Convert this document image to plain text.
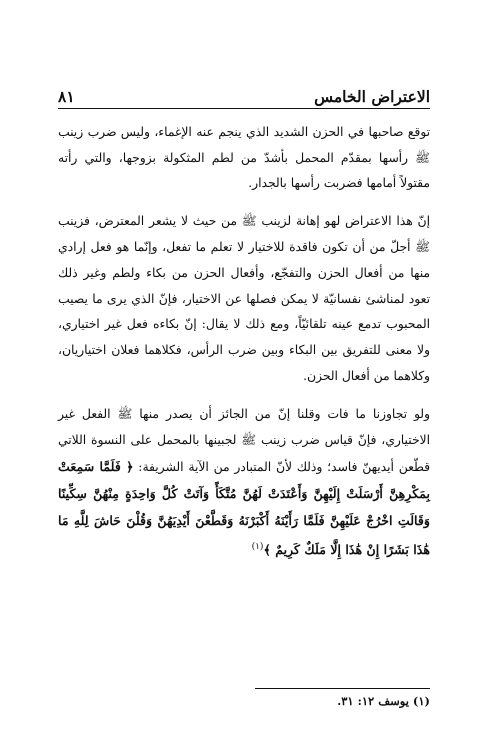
الاعتراض الخامس
٨١

توقع صاحبها في الحزن الشديد الذي ينجم عنه الإغماء، وليس ضرب زينب ﷺ رأسها بمقدّم المحمل بأشدّ من لطم المثكولة بزوجها، والتي رأته مقتولاً أمامها فضربت رأسها بالجدار.

إنّ هذا الاعتراض لهو إهانة لزينب ﷺ من حيث لا يشعر المعترض، فزينب ﷺ أجلّ من أن تكون فاقدة للاختيار لا تعلم ما تفعل، وإنّما هو فعل إرادي منها من أفعال الحزن والتفجّع، وأفعال الحزن من بكاء ولطم وغير ذلك تعود لمناشئ نفسانيّة لا يمكن فصلها عن الاختيار، فإنّ الذي يرى ما يصيب المحبوب تدمع عينه تلقائيّاً، ومع ذلك لا يقال: إنّ بكاءه فعل غير اختياري، ولا معنى للتفريق بين البكاء وبين ضرب الرأس، فكلاهما فعلان اختياريان، وكلاهما من أفعال الحزن.

ولو تجاوزنا ما فات وقلنا إنّ من الجائز أن يصدر منها ﷺ الفعل غير الاختياري، فإنّ قياس ضرب زينب ﷺ لجبينها بالمحمل على النسوة اللاتي قطّعن أيديهنّ فاسد؛ وذلك لأنّ المتبادر من الآية الشريفة: ﴿ فَلَمَّا سَمِعَتْ بِمَكْرِهِنَّ أَرْسَلَتْ إِلَيْهِنَّ وَأَعْتَدَتْ لَهُنَّ مُتَّكَأً وَآتَتْ كُلَّ وَاحِدَةٍ مِنْهُنَّ سِكِّينًا وَقَالَتِ اخْرُجْ عَلَيْهِنَّ فَلَمَّا رَأَيْنَهُ أَكْبَرْنَهُ وَقَطَّعْنَ أَيْدِيَهُنَّ وَقُلْنَ حَاشَ لِلَّهِ مَا هَٰذَا بَشَرًا إِنْ هَٰذَا إِلَّا مَلَكٌ كَرِيمٌ ﴾$^{(١)}$

(١) يوسف ١٢: ٣١.
